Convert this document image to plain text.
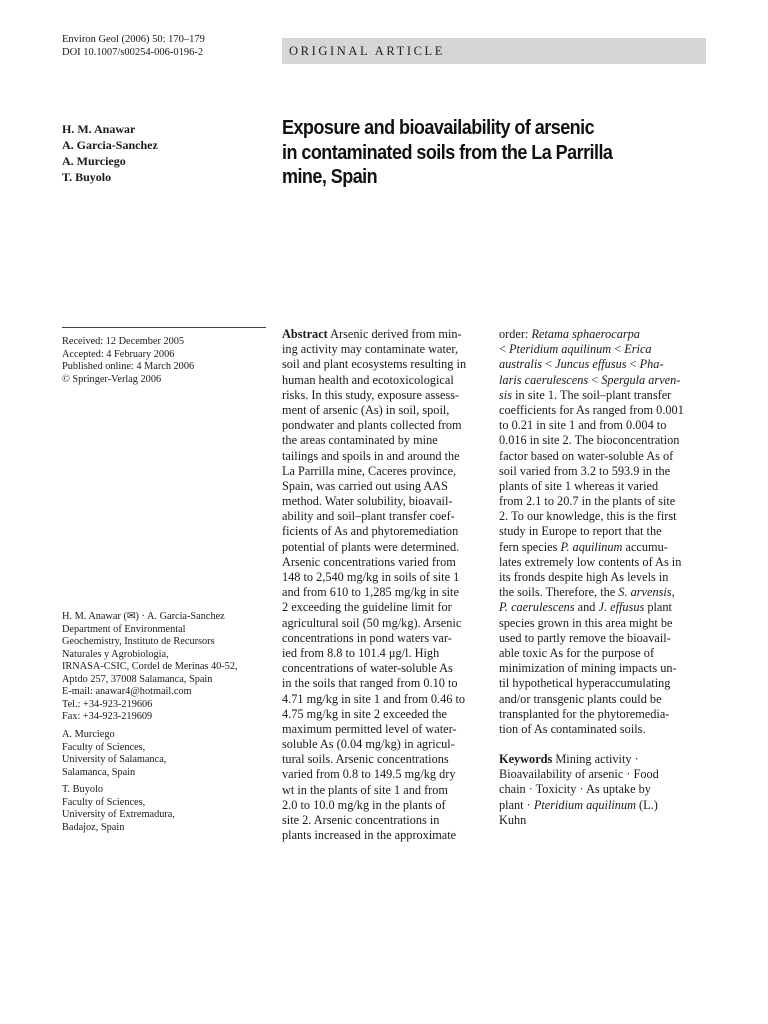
Environ Geol (2006) 50: 170–179
DOI 10.1007/s00254-006-0196-2	ORIGINAL ARTICLE
H. M. Anawar
A. Garcia-Sanchez
A. Murciego
T. Buyolo
Exposure and bioavailability of arsenic
in contaminated soils from the La Parrilla
mine, Spain
Received: 12 December 2005
Accepted: 4 February 2006
Published online: 4 March 2006
© Springer-Verlag 2006
H. M. Anawar (✉) · A. Garcia-Sanchez
Department of Environmental
Geochemistry, Instituto de Recursors
Naturales y Agrobiologia,
IRNASA-CSIC, Cordel de Merinas 40-52,
Aptdo 257, 37008 Salamanca, Spain
E-mail: anawar4@hotmail.com
Tel.: +34-923-219606
Fax: +34-923-219609
A. Murciego
Faculty of Sciences,
University of Salamanca,
Salamanca, Spain
T. Buyolo
Faculty of Sciences,
University of Extremadura,
Badajoz, Spain
Abstract Arsenic derived from min-
ing activity may contaminate water,
soil and plant ecosystems resulting in
human health and ecotoxicological
risks. In this study, exposure assess-
ment of arsenic (As) in soil, spoil,
pondwater and plants collected from
the areas contaminated by mine
tailings and spoils in and around the
La Parrilla mine, Caceres province,
Spain, was carried out using AAS
method. Water solubility, bioavail-
ability and soil–plant transfer coef-
ficients of As and phytoremediation
potential of plants were determined.
Arsenic concentrations varied from
148 to 2,540 mg/kg in soils of site 1
and from 610 to 1,285 mg/kg in site
2 exceeding the guideline limit for
agricultural soil (50 mg/kg). Arsenic
concentrations in pond waters var-
ied from 8.8 to 101.4 μg/l. High
concentrations of water-soluble As
in the soils that ranged from 0.10 to
4.71 mg/kg in site 1 and from 0.46 to
4.75 mg/kg in site 2 exceeded the
maximum permitted level of water-
soluble As (0.04 mg/kg) in agricul-
tural soils. Arsenic concentrations
varied from 0.8 to 149.5 mg/kg dry
wt in the plants of site 1 and from
2.0 to 10.0 mg/kg in the plants of
site 2. Arsenic concentrations in
plants increased in the approximate
order: Retama sphaerocarpa
< Pteridium aquilinum < Erica
australis < Juncus effusus < Pha-
laris caerulescens < Spergula arven-
sis in site 1. The soil–plant transfer
coefficients for As ranged from 0.001
to 0.21 in site 1 and from 0.004 to
0.016 in site 2. The bioconcentration
factor based on water-soluble As of
soil varied from 3.2 to 593.9 in the
plants of site 1 whereas it varied
from 2.1 to 20.7 in the plants of site
2. To our knowledge, this is the first
study in Europe to report that the
fern species P. aquilinum accumu-
lates extremely low contents of As in
its fronds despite high As levels in
the soils. Therefore, the S. arvensis,
P. caerulescens and J. effusus plant
species grown in this area might be
used to partly remove the bioavail-
able toxic As for the purpose of
minimization of mining impacts un-
til hypothetical hyperaccumulating
and/or transgenic plants could be
transplanted for the phytoremedia-
tion of As contaminated soils.
Keywords Mining activity ·
Bioavailability of arsenic · Food
chain · Toxicity · As uptake by
plant · Pteridium aquilinum (L.)
Kuhn
